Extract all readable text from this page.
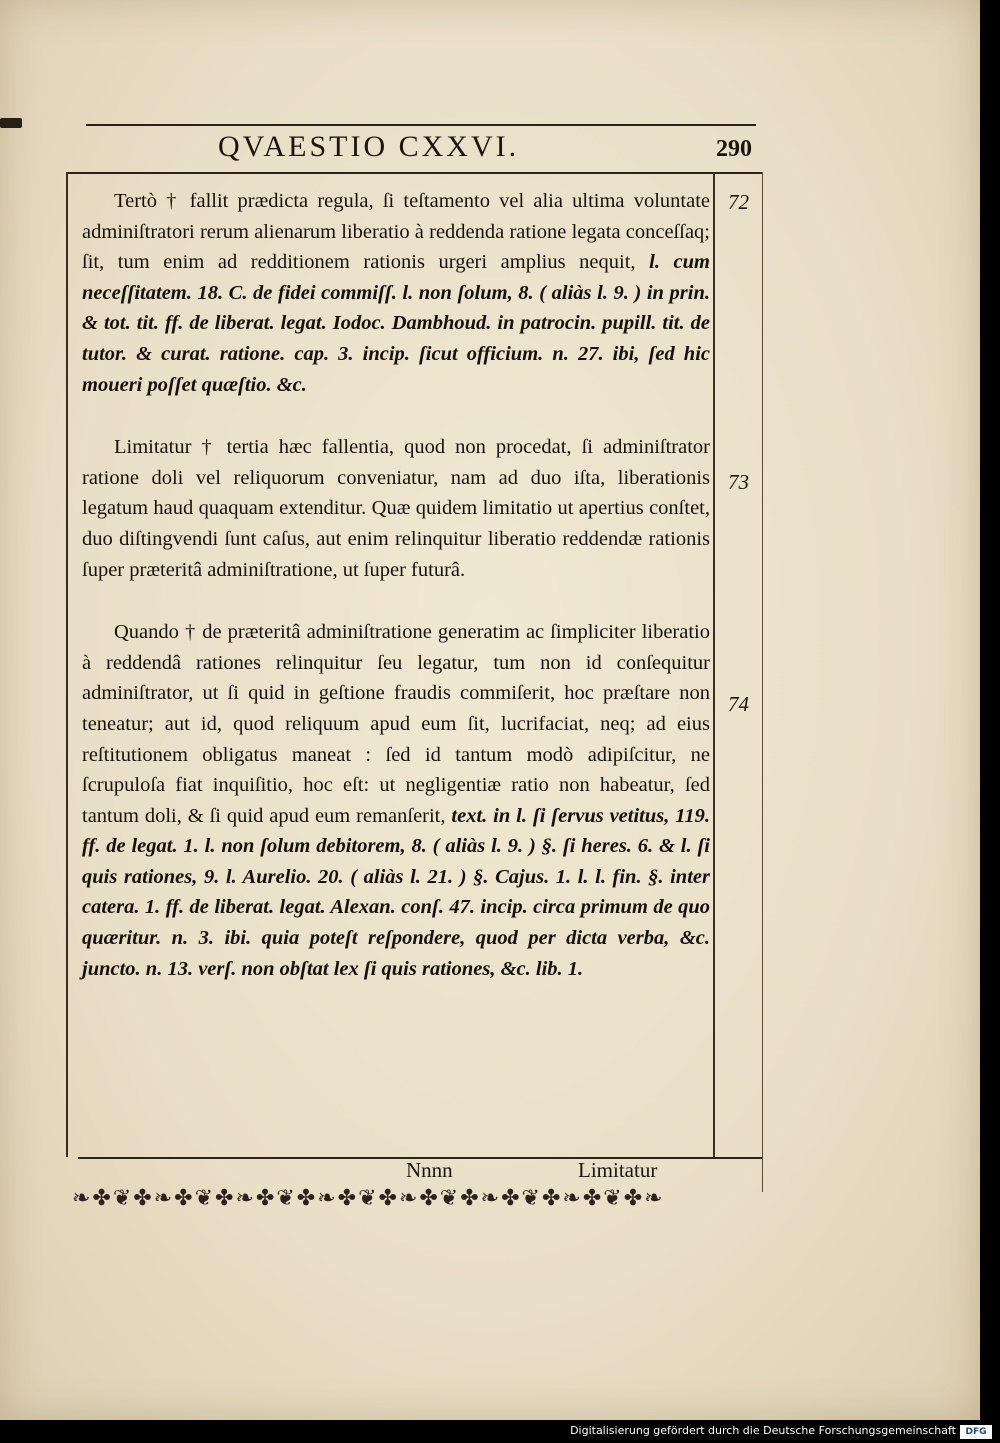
QVAESTIO CXXVI.	290

Tertò † fallit prædicta regula, ſi teſtamento vel alia ultima voluntate adminiſtratori rerum alienarum liberatio à reddenda ratione legata conceſſaq; ſit, tum enim ad redditionem rationis urgeri amplius nequit, l. cum neceſſitatem. 18. C. de fidei commiſſ. l. non ſolum, 8. ( aliàs l. 9. ) in prin. & tot. tit. ff. de liberat. legat. Iodoc. Dambhoud. in patrocin. pupill. tit. de tutor. & curat. ratione. cap. 3. incip. ſicut officium. n. 27. ibi, ſed hic moueri poſſet quæſtio. &c.

Limitatur † tertia hæc fallentia, quod non procedat, ſi adminiſtrator ratione doli vel reliquorum conveniatur, nam ad duo iſta, liberationis legatum haud quaquam extenditur. Quæ quidem limitatio ut apertius conſtet, duo diſtingvendi ſunt caſus, aut enim relinquitur liberatio reddendæ rationis ſuper præteritâ adminiſtratione, ut ſuper futurâ.

Quando † de præteritâ adminiſtratione generatim ac ſimpliciter liberatio à reddendâ rationes relinquitur ſeu legatur, tum non id conſequitur adminiſtrator, ut ſi quid in geſtione fraudis commiſerit, hoc præſtare non teneatur; aut id, quod reliquum apud eum ſit, lucrifaciat, neq; ad eius reſtitutionem obligatus maneat : ſed id tantum modò adipiſcitur, ne ſcrupuloſa fiat inquiſitio, hoc eſt: ut negligentiæ ratio non habeatur, ſed tantum doli, & ſi quid apud eum remanſerit, text. in l. ſi ſervus vetitus, 119. ff. de legat. 1. l. non ſolum debitorem, 8. ( aliàs l. 9. ) §. ſi heres. 6. & l. ſi quis rationes, 9. l. Aurelio. 20. ( aliàs l. 21. ) §. Cajus. 1. l. l. fin. §. inter catera. 1. ff. de liberat. legat. Alexan. conſ. 47. incip. circa primum de quo quæritur. n. 3. ibi. quia poteſt reſpondere, quod per dicta verba, &c. juncto. n. 13. verſ. non obſtat lex ſi quis rationes, &c. lib. 1.

72
73
74
Nnnn	Limitatur
❧✤❦✤❧✤❦✤❧✤❦✤❧✤❦✤❧✤❦✤❧✤❦✤❧✤❦✤❧
Digitalisierung gefördert durch die Deutsche Forschungsgemeinschaft	DFG
